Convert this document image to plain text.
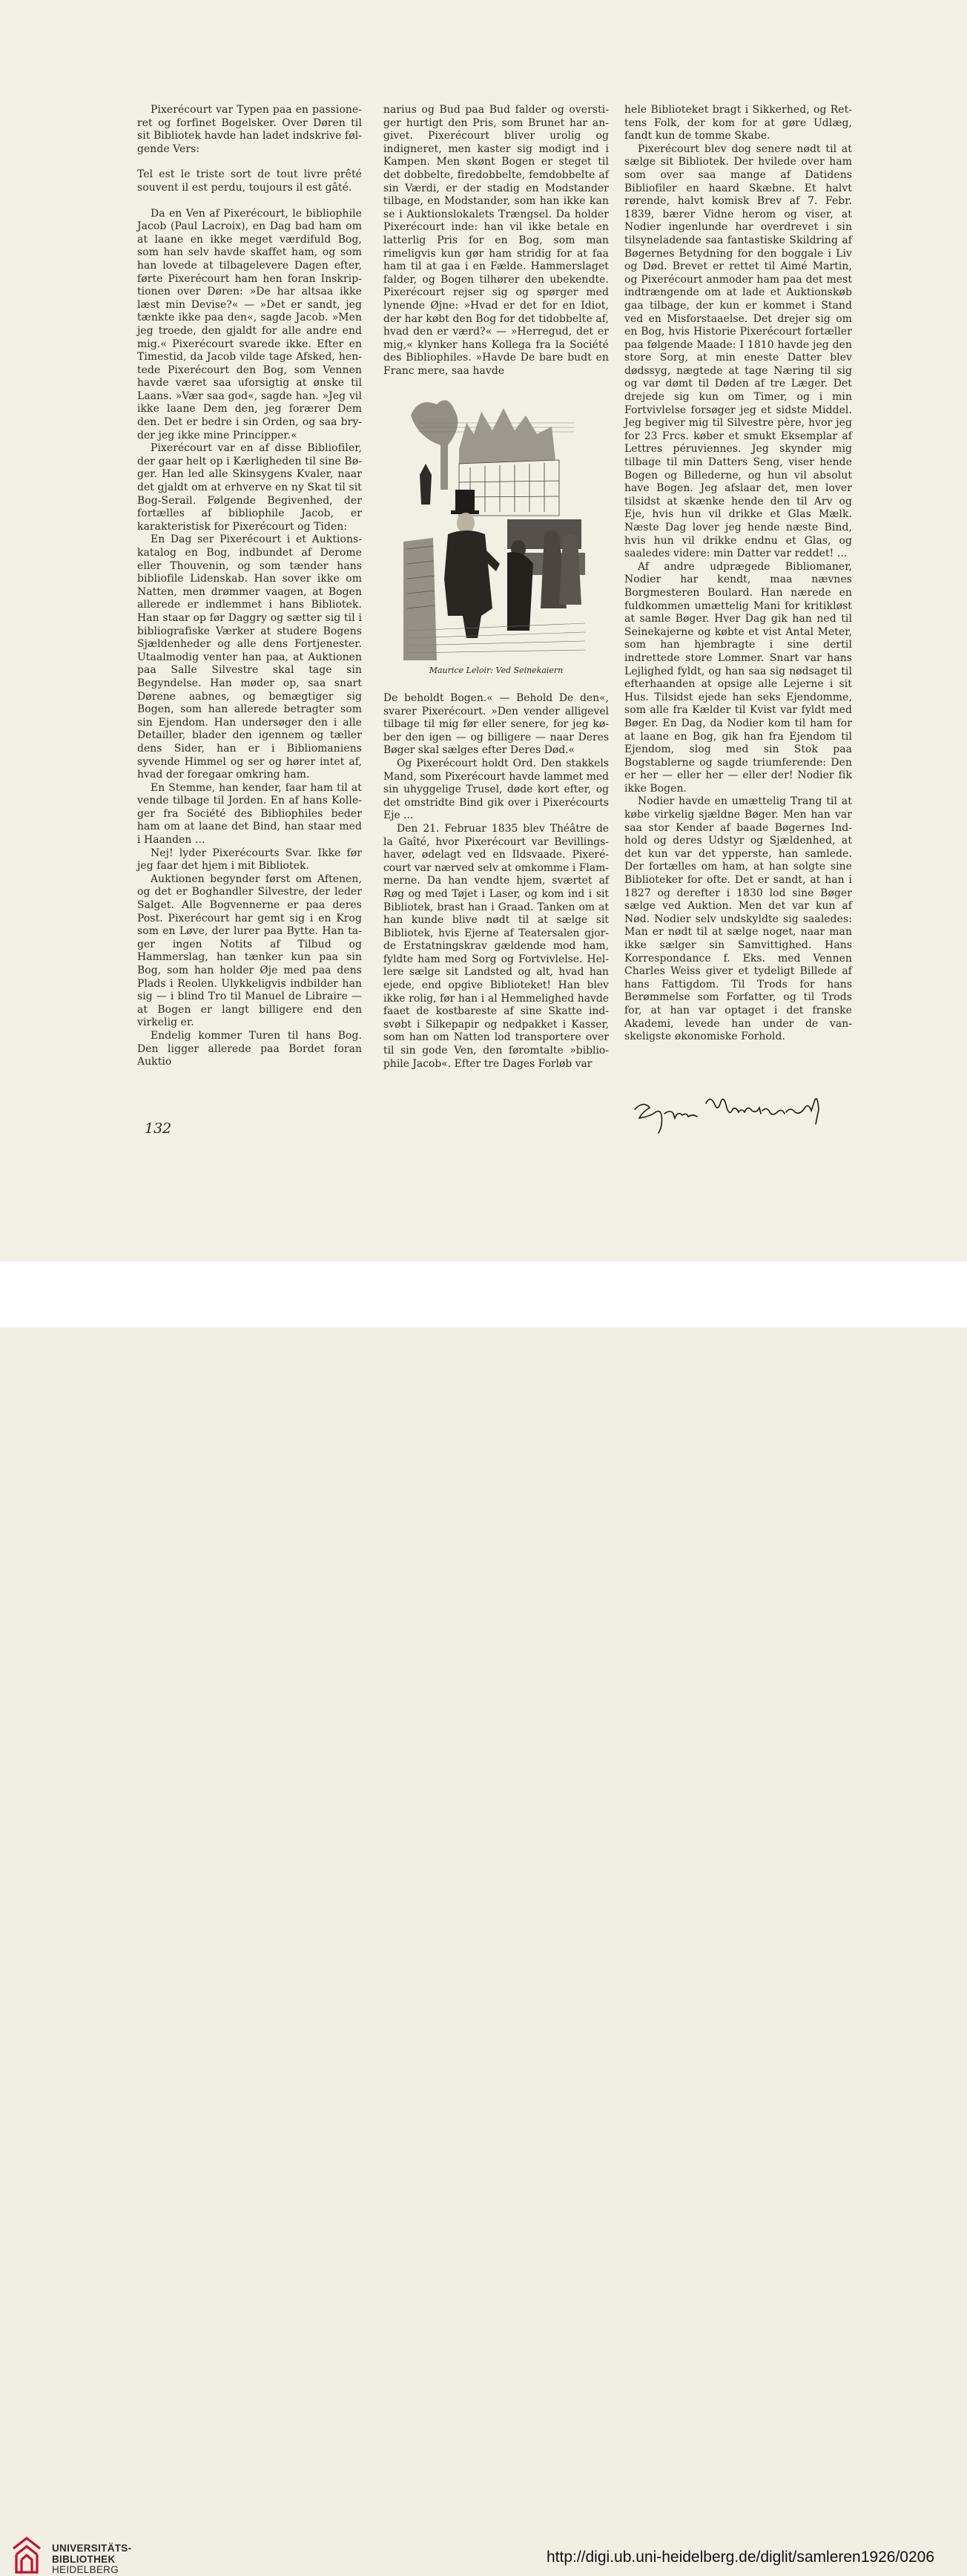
Pixerécourt var Typen paa en passioneret og forfinet Bogelsker. Over Døren til sit Bibliotek havde han ladet indskrive følgende Vers:

Tel est le triste sort de tout livre prêté souvent il est perdu, toujours il est gâté.

Da en Ven af Pixerécourt, le bibliophile Jacob (Paul Lacroix), en Dag bad ham om at laane en ikke meget værdifuld Bog, som han selv havde skaffet ham, og som han lovede at tilbagelevere Dagen efter, førte Pixerécourt ham hen foran Inskriptionen over Døren: »De har altsaa ikke læst min Devise?« — »Det er sandt, jeg tænkte ikke paa den«, sagde Jacob. »Men jeg troede, den gjaldt for alle andre end mig.« Pixerécourt svarede ikke. Efter en Timestid, da Jacob vilde tage Afsked, hentede Pixerécourt den Bog, som Vennen havde været saa uforsigtig at ønske til Laans. »Vær saa god«, sagde han. »Jeg vil ikke laane Dem den, jeg forærer Dem den. Det er bedre i sin Orden, og saa bryder jeg ikke mine Principper.«

Pixerécourt var en af disse Bibliofiler, der gaar helt op i Kærligheden til sine Bøger. Han led alle Skinsygens Kvaler, naar det gjaldt om at erhverve en ny Skat til sit Bog-Serail. Følgende Begivenhed, der fortælles af bibliophile Jacob, er karakteristisk for Pixerécourt og Tiden:

En Dag ser Pixerécourt i et Auktionskatalog en Bog, indbundet af Derome eller Thouvenin, og som tænder hans bibliofile Lidenskab. Han sover ikke om Natten, men drømmer vaagen, at Bogen allerede er indlemmet i hans Bibliotek. Han staar op før Daggry og sætter sig til i bibliografiske Værker at studere Bogens Sjældenheder og alle dens Fortjenester. Utaalmodig venter han paa, at Auktionen paa Salle Silvestre skal tage sin Begyndelse. Han møder op, saa snart Dørene aabnes, og bemægtiger sig Bogen, som han allerede betragter som sin Ejendom. Han undersøger den i alle Detailler, blader den igennem og tæller dens Sider, han er i Bibliomaniens syvende Himmel og ser og hører intet af, hvad der foregaar omkring ham.

En Stemme, han kender, faar ham til at vende tilbage til Jorden. En af hans Kolleger fra Société des Bibliophiles beder ham om at laane det Bind, han staar med i Haanden ...

Nej! lyder Pixerécourts Svar. Ikke før jeg faar det hjem i mit Bibliotek.

Auktionen begynder først om Aftenen, og det er Boghandler Silvestre, der leder Salget. Alle Bogvennerne er paa deres Post. Pixerécourt har gemt sig i en Krog som en Løve, der lurer paa Bytte. Han tager ingen Notits af Tilbud og Hammerslag, han tænker kun paa sin Bog, som han holder Øje med paa dens Plads i Reolen. Ulykkeligvis indbilder han sig — i blind Tro til Manuel de Libraire — at Bogen er langt billigere end den virkelig er.

Endelig kommer Turen til hans Bog. Den ligger allerede paa Bordet foran Auktio

narius og Bud paa Bud falder og overstiger hurtigt den Pris, som Brunet har angivet. Pixerécourt bliver urolig og indigneret, men kaster sig modigt ind i Kampen. Men skønt Bogen er steget til det dobbelte, firedobbelte, femdobbelte af sin Værdi, er der stadig en Modstander tilbage, en Modstander, som han ikke kan se i Auktionslokalets Trængsel. Da holder Pixerécourt inde: han vil ikke betale en latterlig Pris for en Bog, som man rimeligvis kun gør ham stridig for at faa ham til at gaa i en Fælde. Hammerslaget falder, og Bogen tilhører den ubekendte. Pixerécourt rejser sig og spørger med lynende Øjne: »Hvad er det for en Idiot, der har købt den Bog for det tidobbelte af, hvad den er værd?« — »Herregud, det er mig,« klynker hans Kollega fra la Société des Bibliophiles. »Havde De bare budt en Franc mere, saa havde

Maurice Leloir: Ved Seinekaiern

De beholdt Bogen.« — Behold De den«, svarer Pixerécourt. »Den vender alligevel tilbage til mig før eller senere, for jeg køber den igen — og billigere — naar Deres Bøger skal sælges efter Deres Død.«

Og Pixerécourt holdt Ord. Den stakkels Mand, som Pixerécourt havde lammet med sin uhyggelige Trusel, døde kort efter, og det omstridte Bind gik over i Pixerécourts Eje ...

Den 21. Februar 1835 blev Théâtre de la Gaîté, hvor Pixerécourt var Bevillingshaver, ødelagt ved en Ildsvaade. Pixerécourt var nærved selv at omkomme i Flammerne. Da han vendte hjem, sværtet af Røg og med Tøjet i Laser, og kom ind i sit Bibliotek, brast han i Graad. Tanken om at han kunde blive nødt til at sælge sit Bibliotek, hvis Ejerne af Teatersalen gjorde Erstatningskrav gældende mod ham, fyldte ham med Sorg og Fortvivlelse. Hellere sælge sit Landsted og alt, hvad han ejede, end opgive Biblioteket! Han blev ikke rolig, før han i al Hemmelighed havde faaet de kostbareste af sine Skatte indsvøbt i Silkepapir og nedpakket i Kasser, som han om Natten lod transportere over til sin gode Ven, den føromtalte »bibliophile Jacob«. Efter tre Dages Forløb var

hele Biblioteket bragt i Sikkerhed, og Rettens Folk, der kom for at gøre Udlæg, fandt kun de tomme Skabe.

Pixerécourt blev dog senere nødt til at sælge sit Bibliotek. Der hvilede over ham som over saa mange af Datidens Bibliofiler en haard Skæbne. Et halvt rørende, halvt komisk Brev af 7. Febr. 1839, bærer Vidne herom og viser, at Nodier ingenlunde har overdrevet i sin tilsyneladende saa fantastiske Skildring af Bøgernes Betydning for den boggale i Liv og Død. Brevet er rettet til Aimé Martin, og Pixerécourt anmoder ham paa det mest indtrængende om at lade et Auktionskøb gaa tilbage, der kun er kommet i Stand ved en Misforstaaelse. Det drejer sig om en Bog, hvis Historie Pixerécourt fortæller paa følgende Maade: I 1810 havde jeg den store Sorg, at min eneste Datter blev dødssyg, nægtede at tage Næring til sig og var dømt til Døden af tre Læger. Det drejede sig kun om Timer, og i min Fortvivlelse forsøger jeg et sidste Middel. Jeg begiver mig til Silvestre père, hvor jeg for 23 Frcs. køber et smukt Eksemplar af Lettres péruviennes. Jeg skynder mig tilbage til min Datters Seng, viser hende Bogen og Billederne, og hun vil absolut have Bogen. Jeg afslaar det, men lover tilsidst at skænke hende den til Arv og Eje, hvis hun vil drikke et Glas Mælk. Næste Dag lover jeg hende næste Bind, hvis hun vil drikke endnu et Glas, og saaledes videre: min Datter var reddet! ...

Af andre udprægede Bibliomaner, Nodier har kendt, maa nævnes Borgmesteren Boulard. Han nærede en fuldkommen umættelig Mani for kritikløst at samle Bøger. Hver Dag gik han ned til Seinekajerne og købte et vist Antal Meter, som han hjembragte i sine dertil indrettede store Lommer. Snart var hans Lejlighed fyldt, og han saa sig nødsaget til efterhaanden at opsige alle Lejerne i sit Hus. Tilsidst ejede han seks Ejendomme, som alle fra Kælder til Kvist var fyldt med Bøger. En Dag, da Nodier kom til ham for at laane en Bog, gik han fra Ejendom til Ejendom, slog med sin Stok paa Bogstablerne og sagde triumferende: Den er her — eller her — eller der! Nodier fik ikke Bogen.

Nodier havde en umættelig Trang til at købe virkelig sjældne Bøger. Men han var saa stor Kender af baade Bøgernes Indhold og deres Udstyr og Sjældenhed, at det kun var det ypperste, han samlede. Der fortælles om ham, at han solgte sine Biblioteker for ofte. Det er sandt, at han i 1827 og derefter i 1830 lod sine Bøger sælge ved Auktion. Men det var kun af Nød. Nodier selv undskyldte sig saaledes: Man er nødt til at sælge noget, naar man ikke sælger sin Samvittighed. Hans Korrespondance f. Eks. med Vennen Charles Weiss giver et tydeligt Billede af hans Fattigdom. Til Trods for hans Berømmelse som Forfatter, og til Trods for, at han var optaget i det franske Akademi, levede han under de vanskeligste økonomiske Forhold.

132
UNIVERSITÄTS-
BIBLIOTHEK
HEIDELBERG
http://digi.ub.uni-heidelberg.de/diglit/samleren1926/0206
